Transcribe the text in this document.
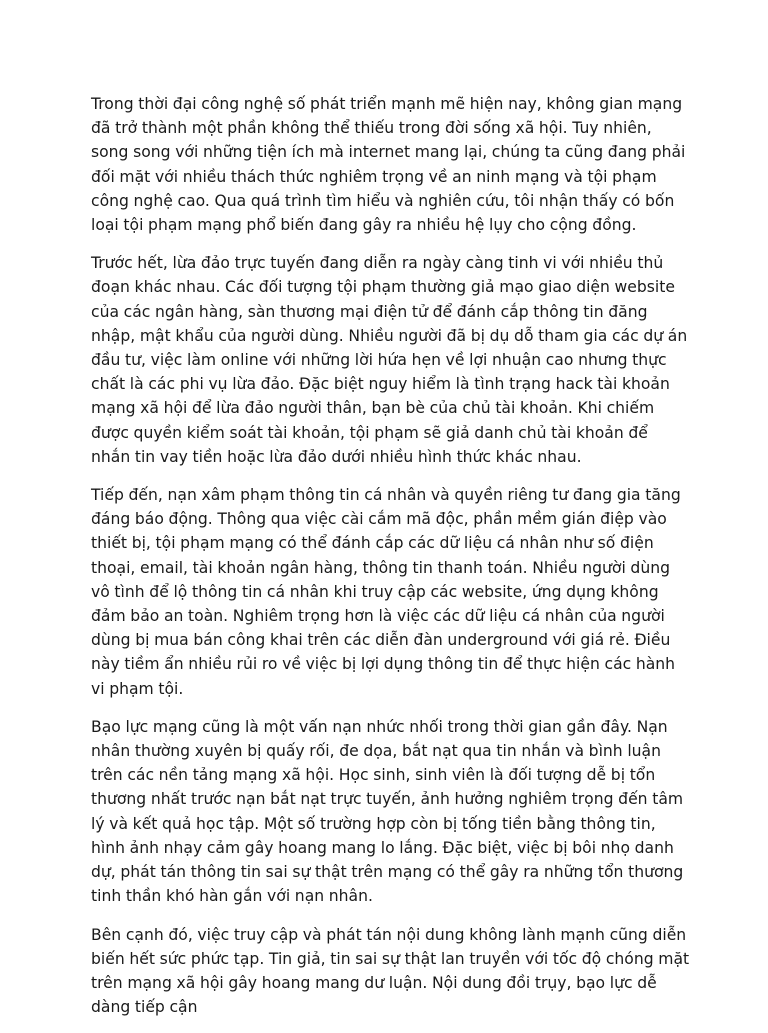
Trong thời đại công nghệ số phát triển mạnh mẽ hiện nay, không gian mạng đã trở thành một phần không thể thiếu trong đời sống xã hội. Tuy nhiên, song song với những tiện ích mà internet mang lại, chúng ta cũng đang phải đối mặt với nhiều thách thức nghiêm trọng về an ninh mạng và tội phạm công nghệ cao. Qua quá trình tìm hiểu và nghiên cứu, tôi nhận thấy có bốn loại tội phạm mạng phổ biến đang gây ra nhiều hệ lụy cho cộng đồng.

Trước hết, lừa đảo trực tuyến đang diễn ra ngày càng tinh vi với nhiều thủ đoạn khác nhau. Các đối tượng tội phạm thường giả mạo giao diện website của các ngân hàng, sàn thương mại điện tử để đánh cắp thông tin đăng nhập, mật khẩu của người dùng. Nhiều người đã bị dụ dỗ tham gia các dự án đầu tư, việc làm online với những lời hứa hẹn về lợi nhuận cao nhưng thực chất là các phi vụ lừa đảo. Đặc biệt nguy hiểm là tình trạng hack tài khoản mạng xã hội để lừa đảo người thân, bạn bè của chủ tài khoản. Khi chiếm được quyền kiểm soát tài khoản, tội phạm sẽ giả danh chủ tài khoản để nhắn tin vay tiền hoặc lừa đảo dưới nhiều hình thức khác nhau.

Tiếp đến, nạn xâm phạm thông tin cá nhân và quyền riêng tư đang gia tăng đáng báo động. Thông qua việc cài cắm mã độc, phần mềm gián điệp vào thiết bị, tội phạm mạng có thể đánh cắp các dữ liệu cá nhân như số điện thoại, email, tài khoản ngân hàng, thông tin thanh toán. Nhiều người dùng vô tình để lộ thông tin cá nhân khi truy cập các website, ứng dụng không đảm bảo an toàn. Nghiêm trọng hơn là việc các dữ liệu cá nhân của người dùng bị mua bán công khai trên các diễn đàn underground với giá rẻ. Điều này tiềm ẩn nhiều rủi ro về việc bị lợi dụng thông tin để thực hiện các hành vi phạm tội.

Bạo lực mạng cũng là một vấn nạn nhức nhối trong thời gian gần đây. Nạn nhân thường xuyên bị quấy rối, đe dọa, bắt nạt qua tin nhắn và bình luận trên các nền tảng mạng xã hội. Học sinh, sinh viên là đối tượng dễ bị tổn thương nhất trước nạn bắt nạt trực tuyến, ảnh hưởng nghiêm trọng đến tâm lý và kết quả học tập. Một số trường hợp còn bị tống tiền bằng thông tin, hình ảnh nhạy cảm gây hoang mang lo lắng. Đặc biệt, việc bị bôi nhọ danh dự, phát tán thông tin sai sự thật trên mạng có thể gây ra những tổn thương tinh thần khó hàn gắn với nạn nhân.

Bên cạnh đó, việc truy cập và phát tán nội dung không lành mạnh cũng diễn biến hết sức phức tạp. Tin giả, tin sai sự thật lan truyền với tốc độ chóng mặt trên mạng xã hội gây hoang mang dư luận. Nội dung đồi trụy, bạo lực dễ dàng tiếp cận
